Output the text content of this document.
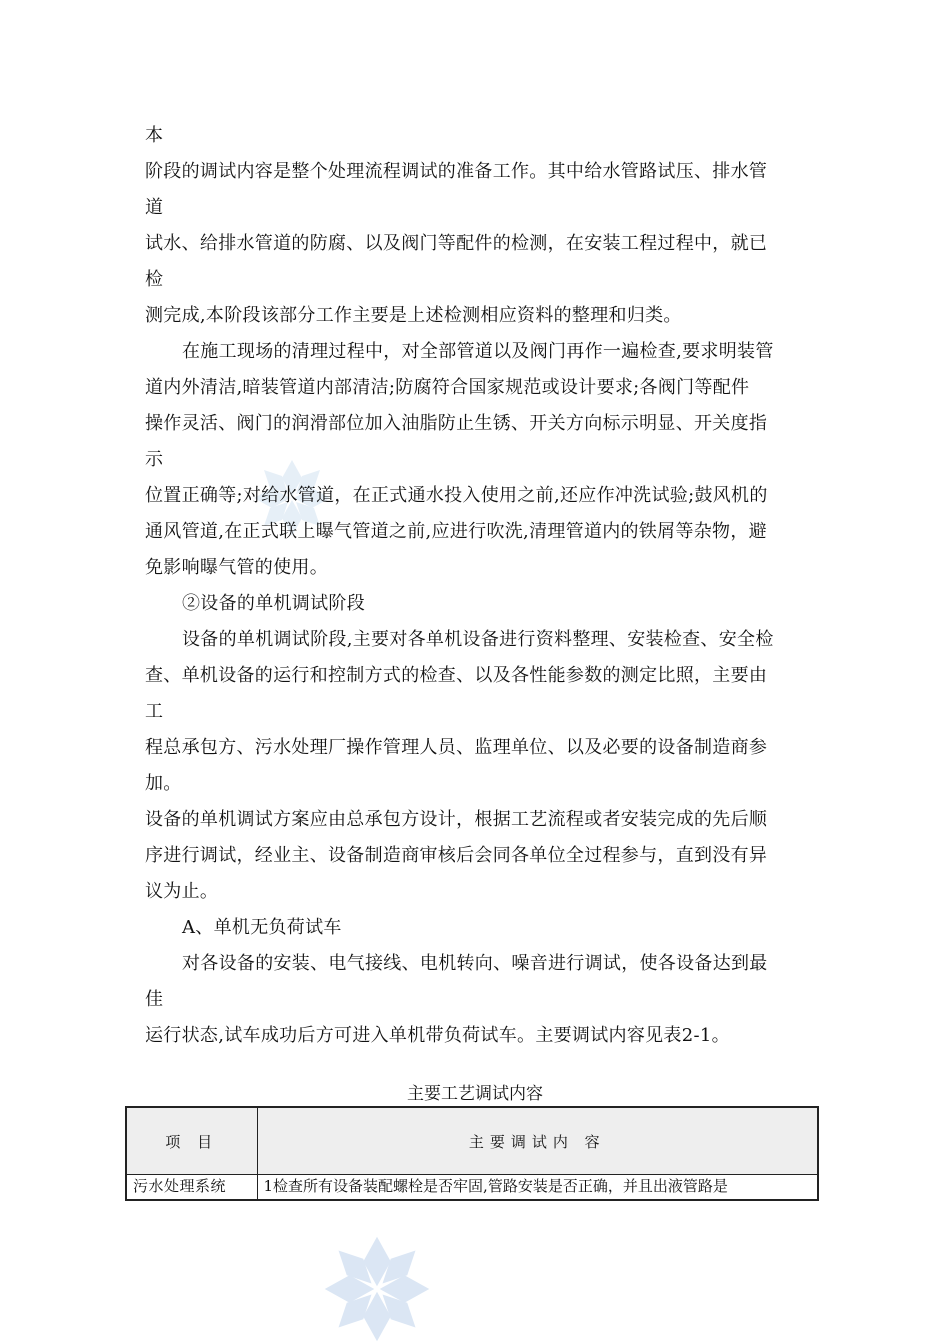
本
阶段的调试内容是整个处理流程调试的准备工作。其中给水管路试压、排水管
道
试水、给排水管道的防腐、以及阀门等配件的检测，在安装工程过程中，就已
检
测完成,本阶段该部分工作主要是上述检测相应资料的整理和归类。
在施工现场的清理过程中，对全部管道以及阀门再作一遍检查,要求明装管
道内外清洁,暗装管道内部清洁;防腐符合国家规范或设计要求;各阀门等配件
操作灵活、阀门的润滑部位加入油脂防止生锈、开关方向标示明显、开关度指
示
位置正确等;对给水管道，在正式通水投入使用之前,还应作冲洗试验;鼓风机的
通风管道,在正式联上曝气管道之前,应进行吹洗,清理管道内的铁屑等杂物，避
免影响曝气管的使用。
②设备的单机调试阶段
设备的单机调试阶段,主要对各单机设备进行资料整理、安装检查、安全检
查、单机设备的运行和控制方式的检查、以及各性能参数的测定比照，主要由
工
程总承包方、污水处理厂操作管理人员、监理单位、以及必要的设备制造商参
加。
设备的单机调试方案应由总承包方设计，根据工艺流程或者安装完成的先后顺
序进行调试，经业主、设备制造商审核后会同各单位全过程参与，直到没有异
议为止。
A、单机无负荷试车
对各设备的安装、电气接线、电机转向、噪音进行调试，使各设备达到最
佳
运行状态,试车成功后方可进入单机带负荷试车。主要调试内容见表2-1。
主要工艺调试内容
项 目	主要调试内 容
污水处理系统	1检查所有设备装配螺栓是否牢固,管路安装是否正确，并且出液管路是
